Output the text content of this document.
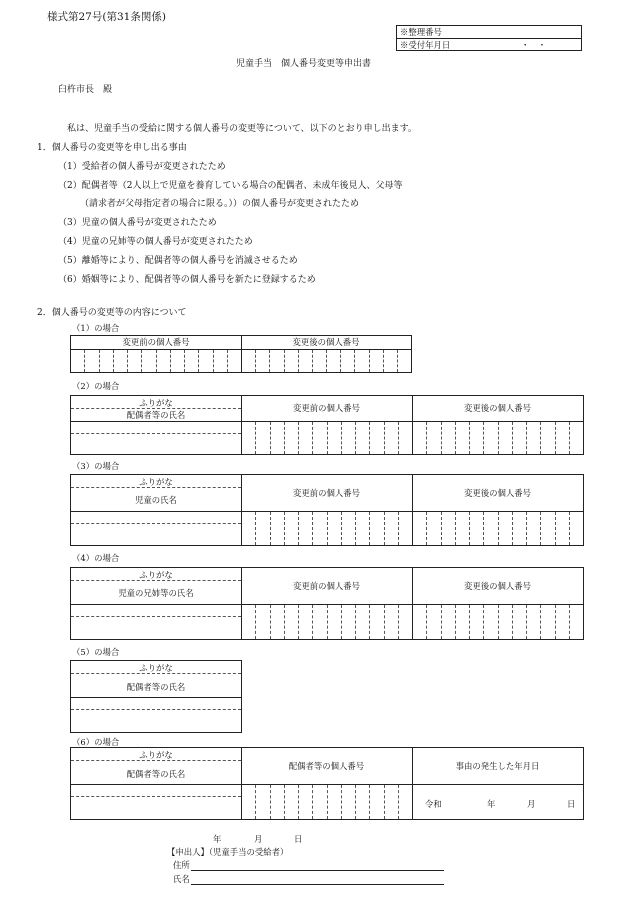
様式第27号(第31条関係)
※整理番号
※受付年月日	・　・
児童手当　個人番号変更等申出書
臼杵市長　殿
私は、児童手当の受給に関する個人番号の変更等について、以下のとおり申し出ます。
1．個人番号の変更等を申し出る事由
（1）受給者の個人番号が変更されたため
（2）配偶者等（2人以上で児童を養育している場合の配偶者、未成年後見人、父母等
（請求者が父母指定者の場合に限る。））の個人番号が変更されたため
（3）児童の個人番号が変更されたため
（4）児童の兄姉等の個人番号が変更されたため
（5）離婚等により、配偶者等の個人番号を消滅させるため
（6）婚姻等により、配偶者等の個人番号を新たに登録するため
2．個人番号の変更等の内容について
（1）の場合
変更前の個人番号	変更後の個人番号
（2）の場合
ふりがな
配偶者等の氏名
変更前の個人番号	変更後の個人番号
（3）の場合
ふりがな
児童の氏名
変更前の個人番号	変更後の個人番号
（4）の場合
ふりがな
児童の兄姉等の氏名
変更前の個人番号	変更後の個人番号
（5）の場合
ふりがな
配偶者等の氏名
（6）の場合
ふりがな
配偶者等の氏名
配偶者等の個人番号	事由の発生した年月日
令和	年	月	日
年	月	日
【申出人】（児童手当の受給者）
住所
氏名
